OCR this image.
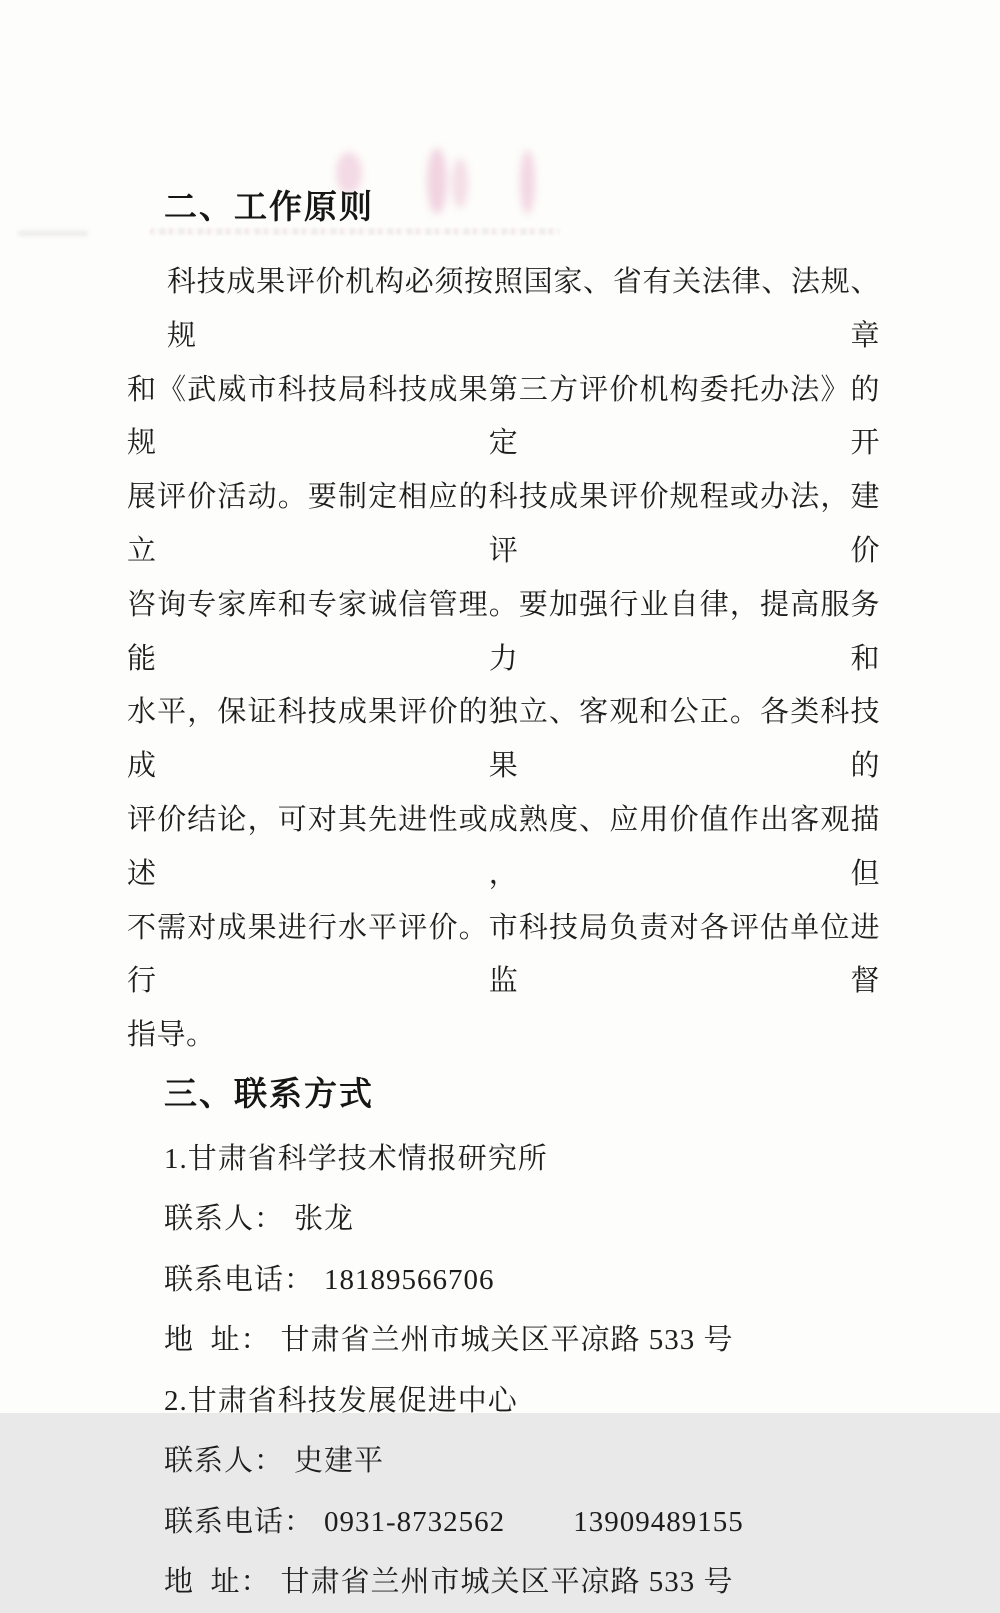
二、工作原则
科技成果评价机构必须按照国家、省有关法律、法规、规章
和《武威市科技局科技成果第三方评价机构委托办法》的规定开
展评价活动。要制定相应的科技成果评价规程或办法，建立评价
咨询专家库和专家诚信管理。要加强行业自律，提高服务能力和
水平，保证科技成果评价的独立、客观和公正。各类科技成果的
评价结论，可对其先进性或成熟度、应用价值作出客观描述，但
不需对成果进行水平评价。市科技局负责对各评估单位进行监督
指导。
三、联系方式
1.甘肃省科学技术情报研究所
联系人： 张龙
联系电话： 18189566706
地  址： 甘肃省兰州市城关区平凉路 533 号
2.甘肃省科技发展促进中心
联系人： 史建平
联系电话： 0931-8732562 13909489155
地  址： 甘肃省兰州市城关区平凉路 533 号
